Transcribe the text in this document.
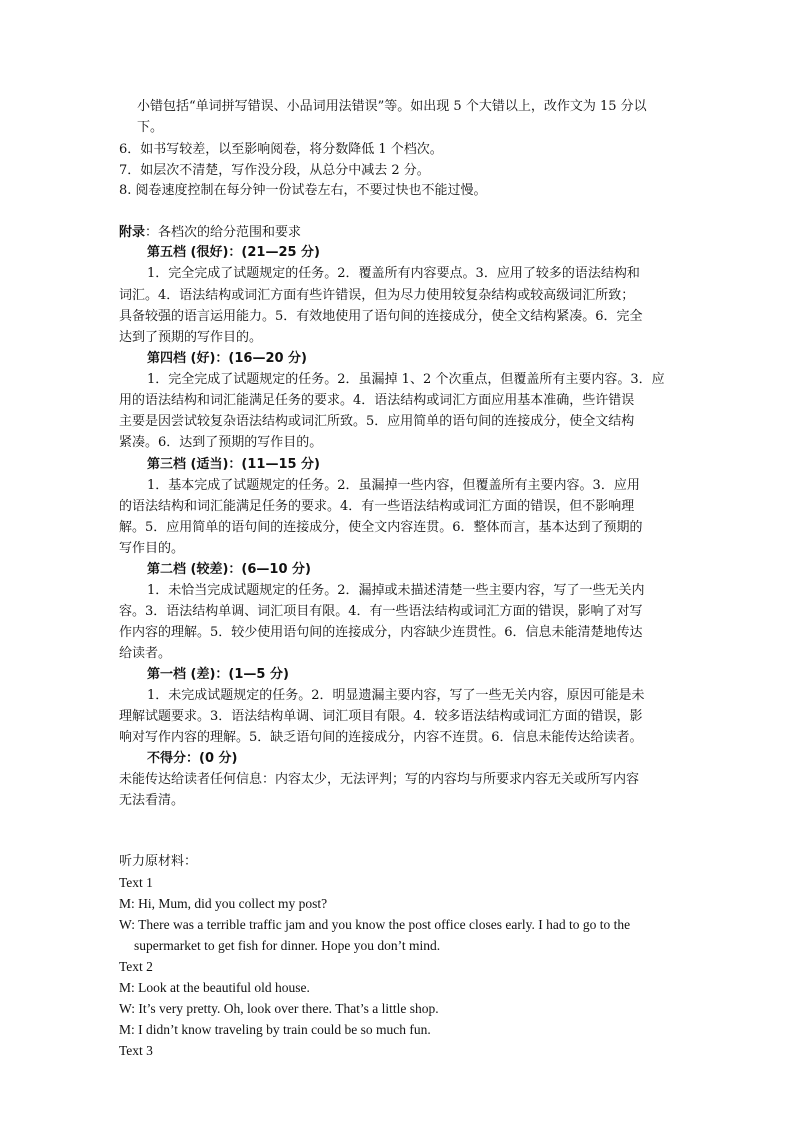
小错包括“单词拼写错误、小品词用法错误”等。如出现 5 个大错以上，改作文为 15 分以
下。
6．如书写较差，以至影响阅卷，将分数降低 1 个档次。
7．如层次不清楚，写作没分段，从总分中减去 2 分。
8. 阅卷速度控制在每分钟一份试卷左右，不要过快也不能过慢。
附录：各档次的给分范围和要求
第五档 (很好)：(21—25 分)
1．完全完成了试题规定的任务。2．覆盖所有内容要点。3．应用了较多的语法结构和
词汇。4．语法结构或词汇方面有些许错误，但为尽力使用较复杂结构或较高级词汇所致；
具备较强的语言运用能力。5．有效地使用了语句间的连接成分，使全文结构紧凑。6．完全
达到了预期的写作目的。
第四档 (好)：(16—20 分)
1．完全完成了试题规定的任务。2．虽漏掉 1、2 个次重点，但覆盖所有主要内容。3．应
用的语法结构和词汇能满足任务的要求。4．语法结构或词汇方面应用基本准确，些许错误
主要是因尝试较复杂语法结构或词汇所致。5．应用简单的语句间的连接成分，使全文结构
紧凑。6．达到了预期的写作目的。
第三档 (适当)：(11—15 分)
1．基本完成了试题规定的任务。2．虽漏掉一些内容，但覆盖所有主要内容。3．应用
的语法结构和词汇能满足任务的要求。4．有一些语法结构或词汇方面的错误，但不影响理
解。5．应用简单的语句间的连接成分，使全文内容连贯。6．整体而言，基本达到了预期的
写作目的。
第二档 (较差)：(6—10 分)
1．未恰当完成试题规定的任务。2．漏掉或未描述清楚一些主要内容，写了一些无关内
容。3．语法结构单调、词汇项目有限。4．有一些语法结构或词汇方面的错误，影响了对写
作内容的理解。5．较少使用语句间的连接成分，内容缺少连贯性。6．信息未能清楚地传达
给读者。
第一档 (差)：(1—5 分)
1．未完成试题规定的任务。2．明显遗漏主要内容，写了一些无关内容，原因可能是未
理解试题要求。3．语法结构单调、词汇项目有限。4．较多语法结构或词汇方面的错误，影
响对写作内容的理解。5．缺乏语句间的连接成分，内容不连贯。6．信息未能传达给读者。
不得分：(0 分)
未能传达给读者任何信息：内容太少，无法评判；写的内容均与所要求内容无关或所写内容
无法看清。
听力原材料：
Text 1
M: Hi, Mum, did you collect my post?
W: There was a terrible traffic jam and you know the post office closes early. I had to go to the
supermarket to get fish for dinner. Hope you don’t mind.
Text 2
M: Look at the beautiful old house.
W: It’s very pretty. Oh, look over there. That’s a little shop.
M: I didn’t know traveling by train could be so much fun.
Text 3
